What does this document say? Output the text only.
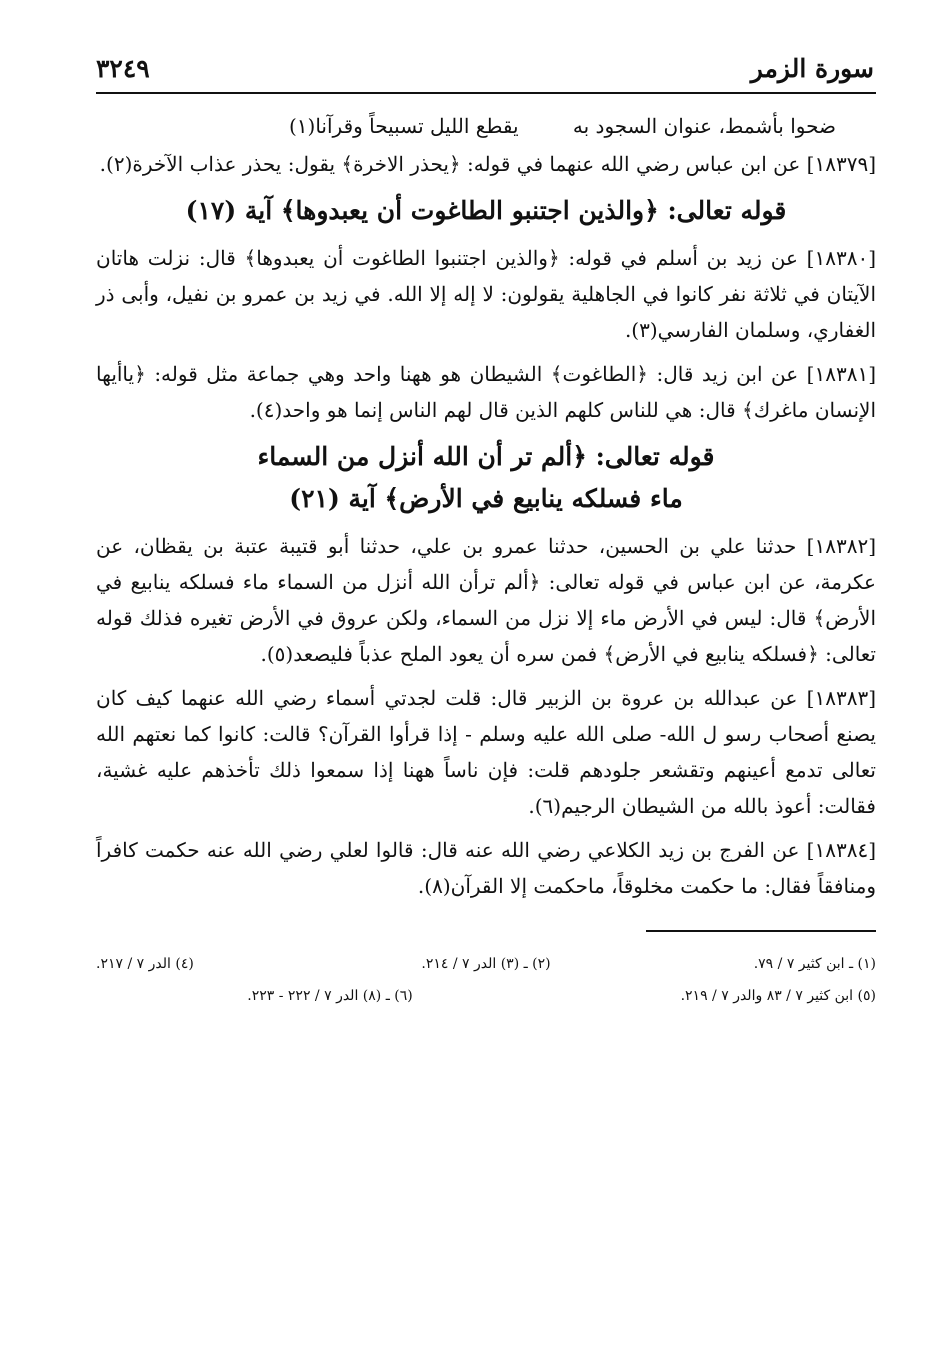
سورة الزمر
٣٢٤٩
ضحوا بأشمط، عنوان السجود به يقطع الليل تسبيحاً وقرآنا(١)

[١٨٣٧٩] عن ابن عباس رضي الله عنهما في قوله: ﴿يحذر الاخرة﴾ يقول: يحذر عذاب الآخرة(٢).

قوله تعالى: ﴿والذين اجتنبو الطاغوت أن يعبدوها﴾ آية (١٧)

[١٨٣٨٠] عن زيد بن أسلم في قوله: ﴿والذين اجتنبوا الطاغوت أن يعبدوها﴾ قال: نزلت هاتان الآيتان في ثلاثة نفر كانوا في الجاهلية يقولون: لا إله إلا الله. في زيد بن عمرو بن نفيل، وأبى ذر الغفاري، وسلمان الفارسي(٣).

[١٨٣٨١] عن ابن زيد قال: ﴿الطاغوت﴾ الشيطان هو ههنا واحد وهي جماعة مثل قوله: ﴿ياأيها الإنسان ماغرك﴾ قال: هي للناس كلهم الذين قال لهم الناس إنما هو واحد(٤).

قوله تعالى: ﴿ألم تر أن الله أنزل من السماء
ماء فسلكه ينابيع في الأرض﴾ آية (٢١)

[١٨٣٨٢] حدثنا علي بن الحسين، حدثنا عمرو بن علي، حدثنا أبو قتيبة عتبة بن يقظان، عن عكرمة، عن ابن عباس في قوله تعالى: ﴿ألم ترأن الله أنزل من السماء ماء فسلكه ينابيع في الأرض﴾ قال: ليس في الأرض ماء إلا نزل من السماء، ولكن عروق في الأرض تغيره فذلك قوله تعالى: ﴿فسلكه ينابيع في الأرض﴾ فمن سره أن يعود الملح عذباً فليصعد(٥).

[١٨٣٨٣] عن عبدالله بن عروة بن الزبير قال: قلت لجدتي أسماء رضي الله عنهما كيف كان يصنع أصحاب رسو ل الله- صلى الله عليه وسلم - إذا قرأوا القرآن؟ قالت: كانوا كما نعتهم الله تعالى تدمع أعينهم وتقشعر جلودهم قلت: فإن ناساً ههنا إذا سمعوا ذلك تأخذهم عليه غشية، فقالت: أعوذ بالله من الشيطان الرجيم(٦).

[١٨٣٨٤] عن الفرج بن زيد الكلاعي رضي الله عنه قال: قالوا لعلي رضي الله عنه حكمت كافراً ومنافقاً فقال: ما حكمت مخلوقاً، ماحكمت إلا القرآن(٨).

(١) ـ ابن كثير ٧ / ٧٩.
(٢) ـ (٣) الدر ٧ / ٢١٤.
(٤) الدر ٧ / ٢١٧.
(٥) ابن كثير ٧ / ٨٣ والدر ٧ / ٢١٩.
(٦) ـ (٨) الدر ٧ / ٢٢٢ - ٢٢٣.
